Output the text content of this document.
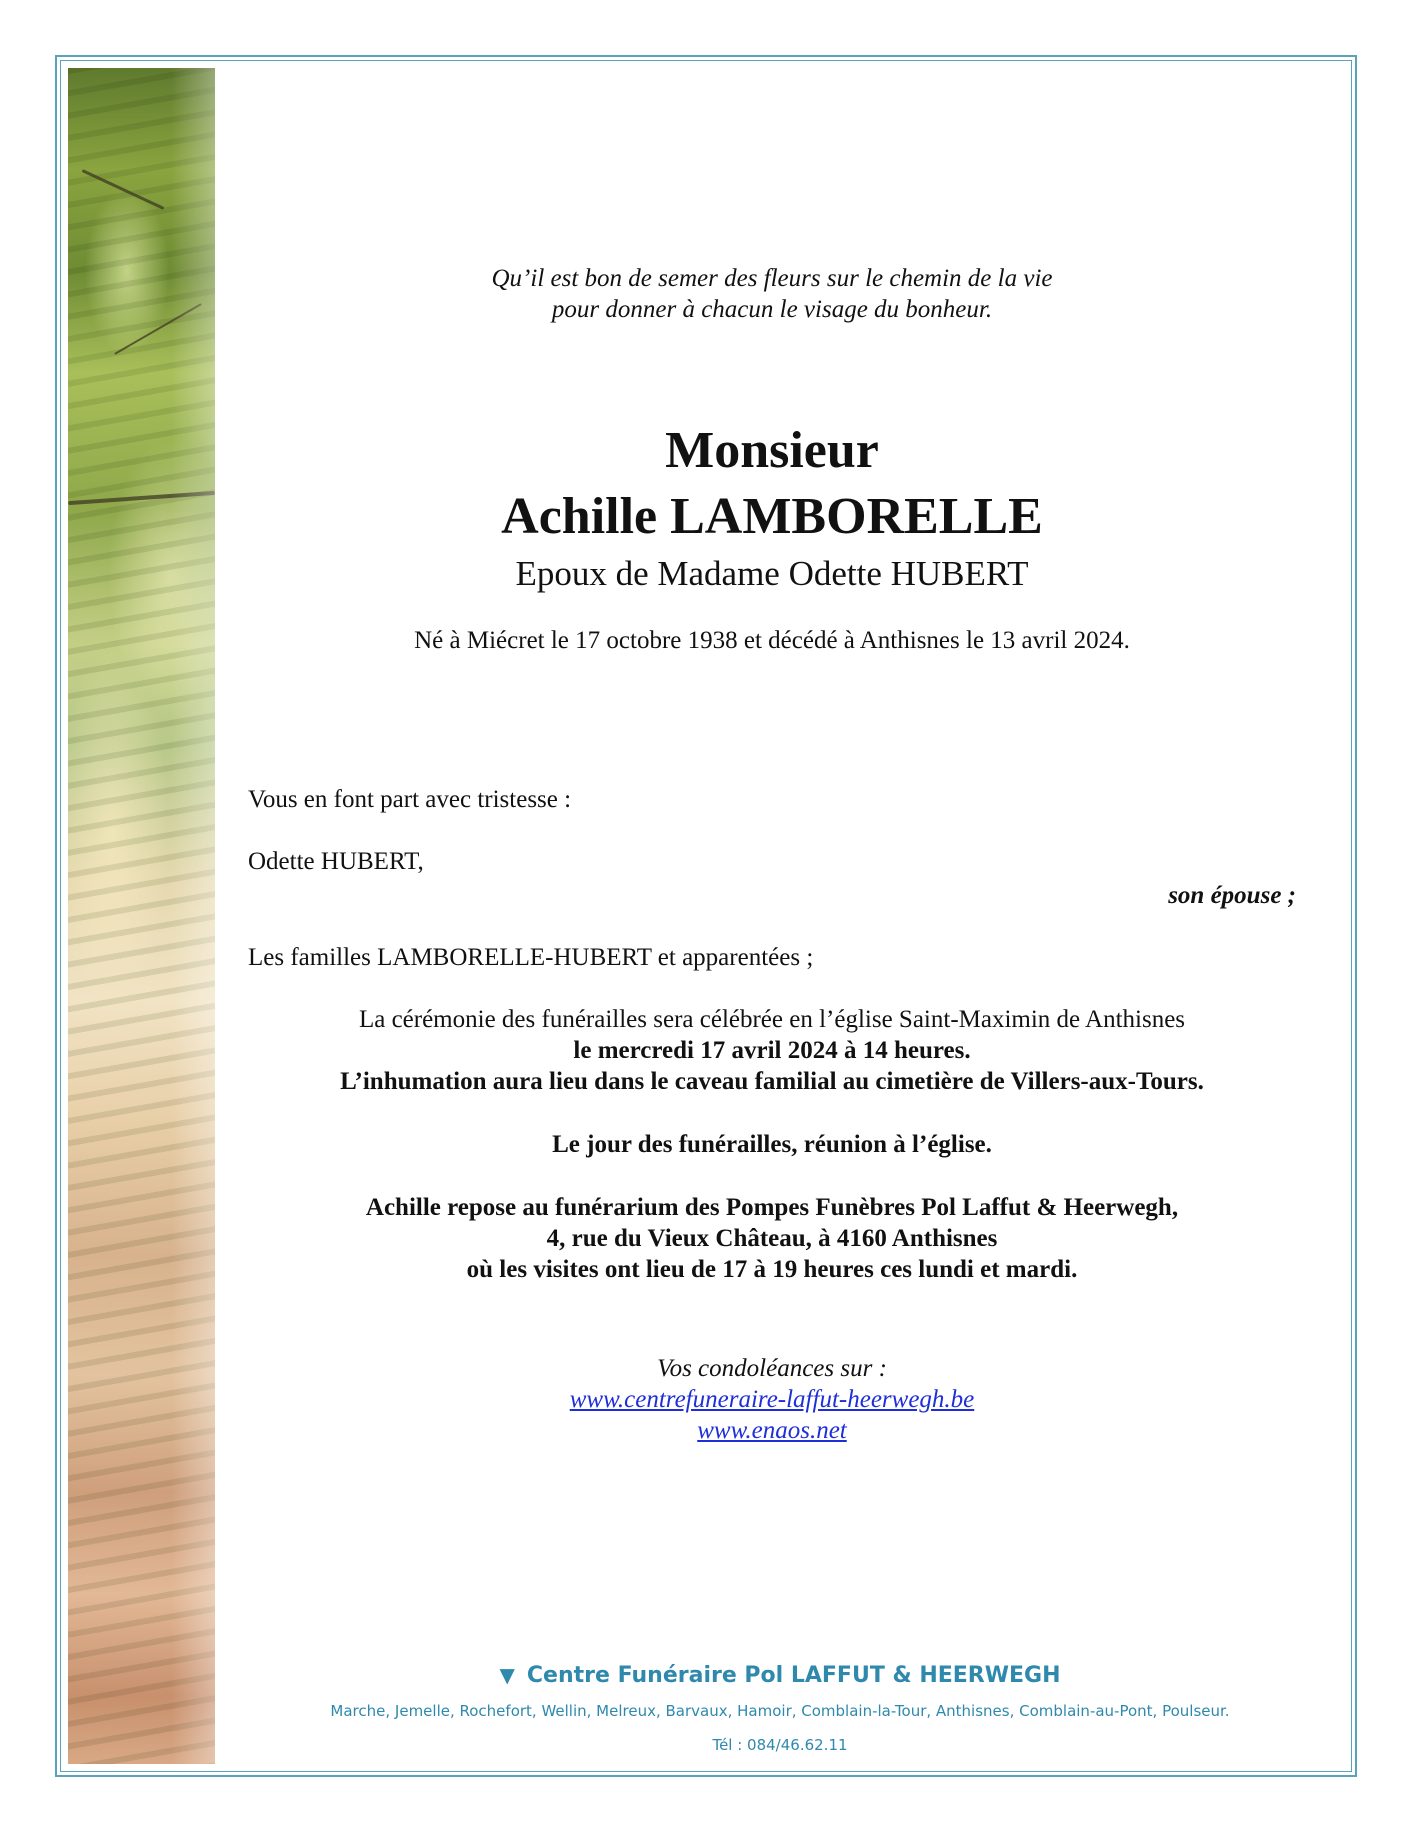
Qu’il est bon de semer des fleurs sur le chemin de la vie
pour donner à chacun le visage du bonheur.
Monsieur
Achille LAMBORELLE
Epoux de Madame Odette HUBERT
Né à Miécret le 17 octobre 1938 et décédé à Anthisnes le 13 avril 2024.
Vous en font part avec tristesse :
Odette HUBERT,
son épouse ;
Les familles LAMBORELLE-HUBERT et apparentées ;
La cérémonie des funérailles sera célébrée en l’église Saint-Maximin de Anthisnes
le mercredi 17 avril 2024 à 14 heures.
L’inhumation aura lieu dans le caveau familial au cimetière de Villers-aux-Tours.
Le jour des funérailles, réunion à l’église.
Achille repose au funérarium des Pompes Funèbres Pol Laffut & Heerwegh,
4, rue du Vieux Château, à 4160 Anthisnes
où les visites ont lieu de 17 à 19 heures ces lundi et mardi.
Vos condoléances sur :
www.centrefuneraire-laffut-heerwegh.be
www.enaos.net
▼ Centre Funéraire Pol LAFFUT & HEERWEGH
Marche, Jemelle, Rochefort, Wellin, Melreux, Barvaux, Hamoir, Comblain-la-Tour, Anthisnes, Comblain-au-Pont, Poulseur.
Tél : 084/46.62.11
